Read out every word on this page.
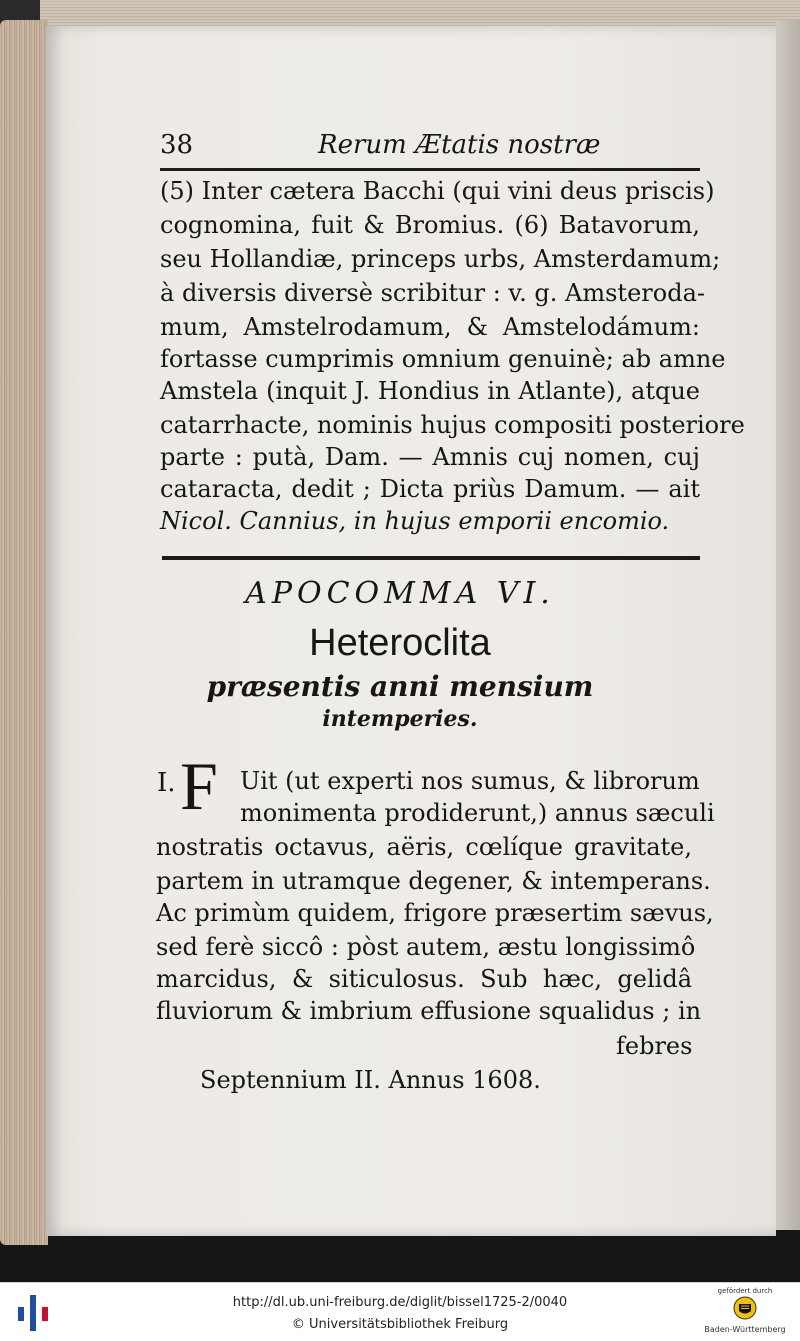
38	Rerum Ætatis nostræ
(5) Inter cætera Bacchi (qui vini deus priscis)
cognomina, fuit & Bromius. (6) Batavorum,
seu Hollandiæ, princeps urbs, Amsterdamum;
à diversis diversè scribitur : v. g. Amsteroda-
mum, Amstelrodamum, & Amstelodámum:
fortasse cumprimis omnium genuinè; ab amne
Amstela (inquit J. Hondius in Atlante), atque
catarrhacte, nominis hujus compositi posteriore
parte : putà, Dam. — Amnis cuj nomen, cuj
cataracta, dedit ; Dicta priùs Damum. — ait
Nicol. Cannius, in hujus emporii encomio.
APOCOMMA VI.
Heteroclita
præsentis anni mensium
intemperies.
I. F Uit (ut experti nos sumus, & librorum
monimenta prodiderunt,) annus sæculi
nostratis octavus, aëris, cœlíque gravitate,
partem in utramque degener, & intemperans.
Ac primùm quidem, frigore præsertim sævus,
sed ferè siccô : pòst autem, æstu longissimô
marcidus, & siticulosus. Sub hæc, gelidâ
fluviorum & imbrium effusione squalidus ; in
febres
Septennium II. Annus 1608.
http://dl.ub.uni-freiburg.de/diglit/bissel1725-2/0040
© Universitätsbibliothek Freiburg
gefördert durch
Baden-Württemberg
